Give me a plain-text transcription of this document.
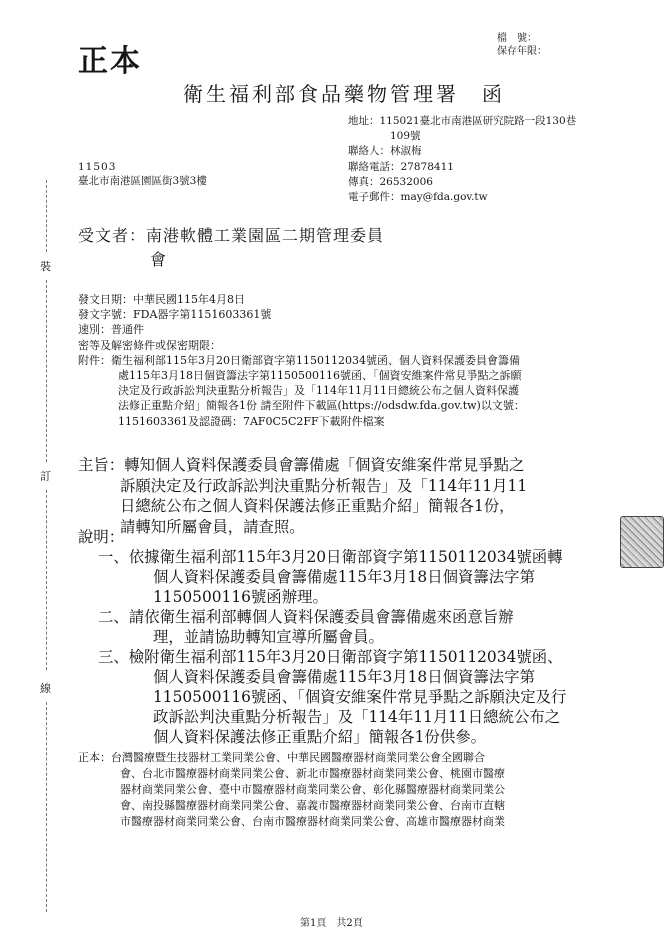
裝
訂
線
正本
檔　號：
保存年限：
衛生福利部食品藥物管理署　函
地址：115021臺北市南港區研究院路一段130巷
109號
聯絡人：林淑梅
聯絡電話：27878411
傳真：26532006
電子郵件：may@fda.gov.tw
11503
臺北市南港區園區街3號3樓
受文者：南港軟體工業園區二期管理委員
會
發文日期：中華民國115年4月8日
發文字號：FDA器字第1151603361號
速別：普通件
密等及解密條件或保密期限：
附件：衛生福利部115年3月20日衛部資字第1150112034號函、個人資料保護委員會籌備
處115年3月18日個資籌法字第1150500116號函、「個資安維案件常見爭點之訴願
決定及行政訴訟判決重點分析報告」及「114年11月11日總統公布之個人資料保護
法修正重點介紹」簡報各1份 請至附件下載區(https://odsdw.fda.gov.tw)以文號：
1151603361及認證碼：7AF0C5C2FF下載附件檔案
主旨：轉知個人資料保護委員會籌備處「個資安維案件常見爭點之
訴願決定及行政訴訟判決重點分析報告」及「114年11月11
日總統公布之個人資料保護法修正重點介紹」簡報各1份，
請轉知所屬會員，請查照。
說明：
一、依據衛生福利部115年3月20日衛部資字第1150112034號函轉
個人資料保護委員會籌備處115年3月18日個資籌法字第
1150500116號函辦理。
二、請依衛生福利部轉個人資料保護委員會籌備處來函意旨辦
理，並請協助轉知宣導所屬會員。
三、檢附衛生福利部115年3月20日衛部資字第1150112034號函、
個人資料保護委員會籌備處115年3月18日個資籌法字第
1150500116號函、「個資安維案件常見爭點之訴願決定及行
政訴訟判決重點分析報告」及「114年11月11日總統公布之
個人資料保護法修正重點介紹」簡報各1份供參。
正本：台灣醫療暨生技器材工業同業公會、中華民國醫療器材商業同業公會全國聯合
會、台北市醫療器材商業同業公會、新北市醫療器材商業同業公會、桃園市醫療
器材商業同業公會、臺中市醫療器材商業同業公會、彰化縣醫療器材商業同業公
會、南投縣醫療器材商業同業公會、嘉義市醫療器材商業同業公會、台南市直轄
市醫療器材商業同業公會、台南市醫療器材商業同業公會、高雄市醫療器材商業
第1頁　共2頁
